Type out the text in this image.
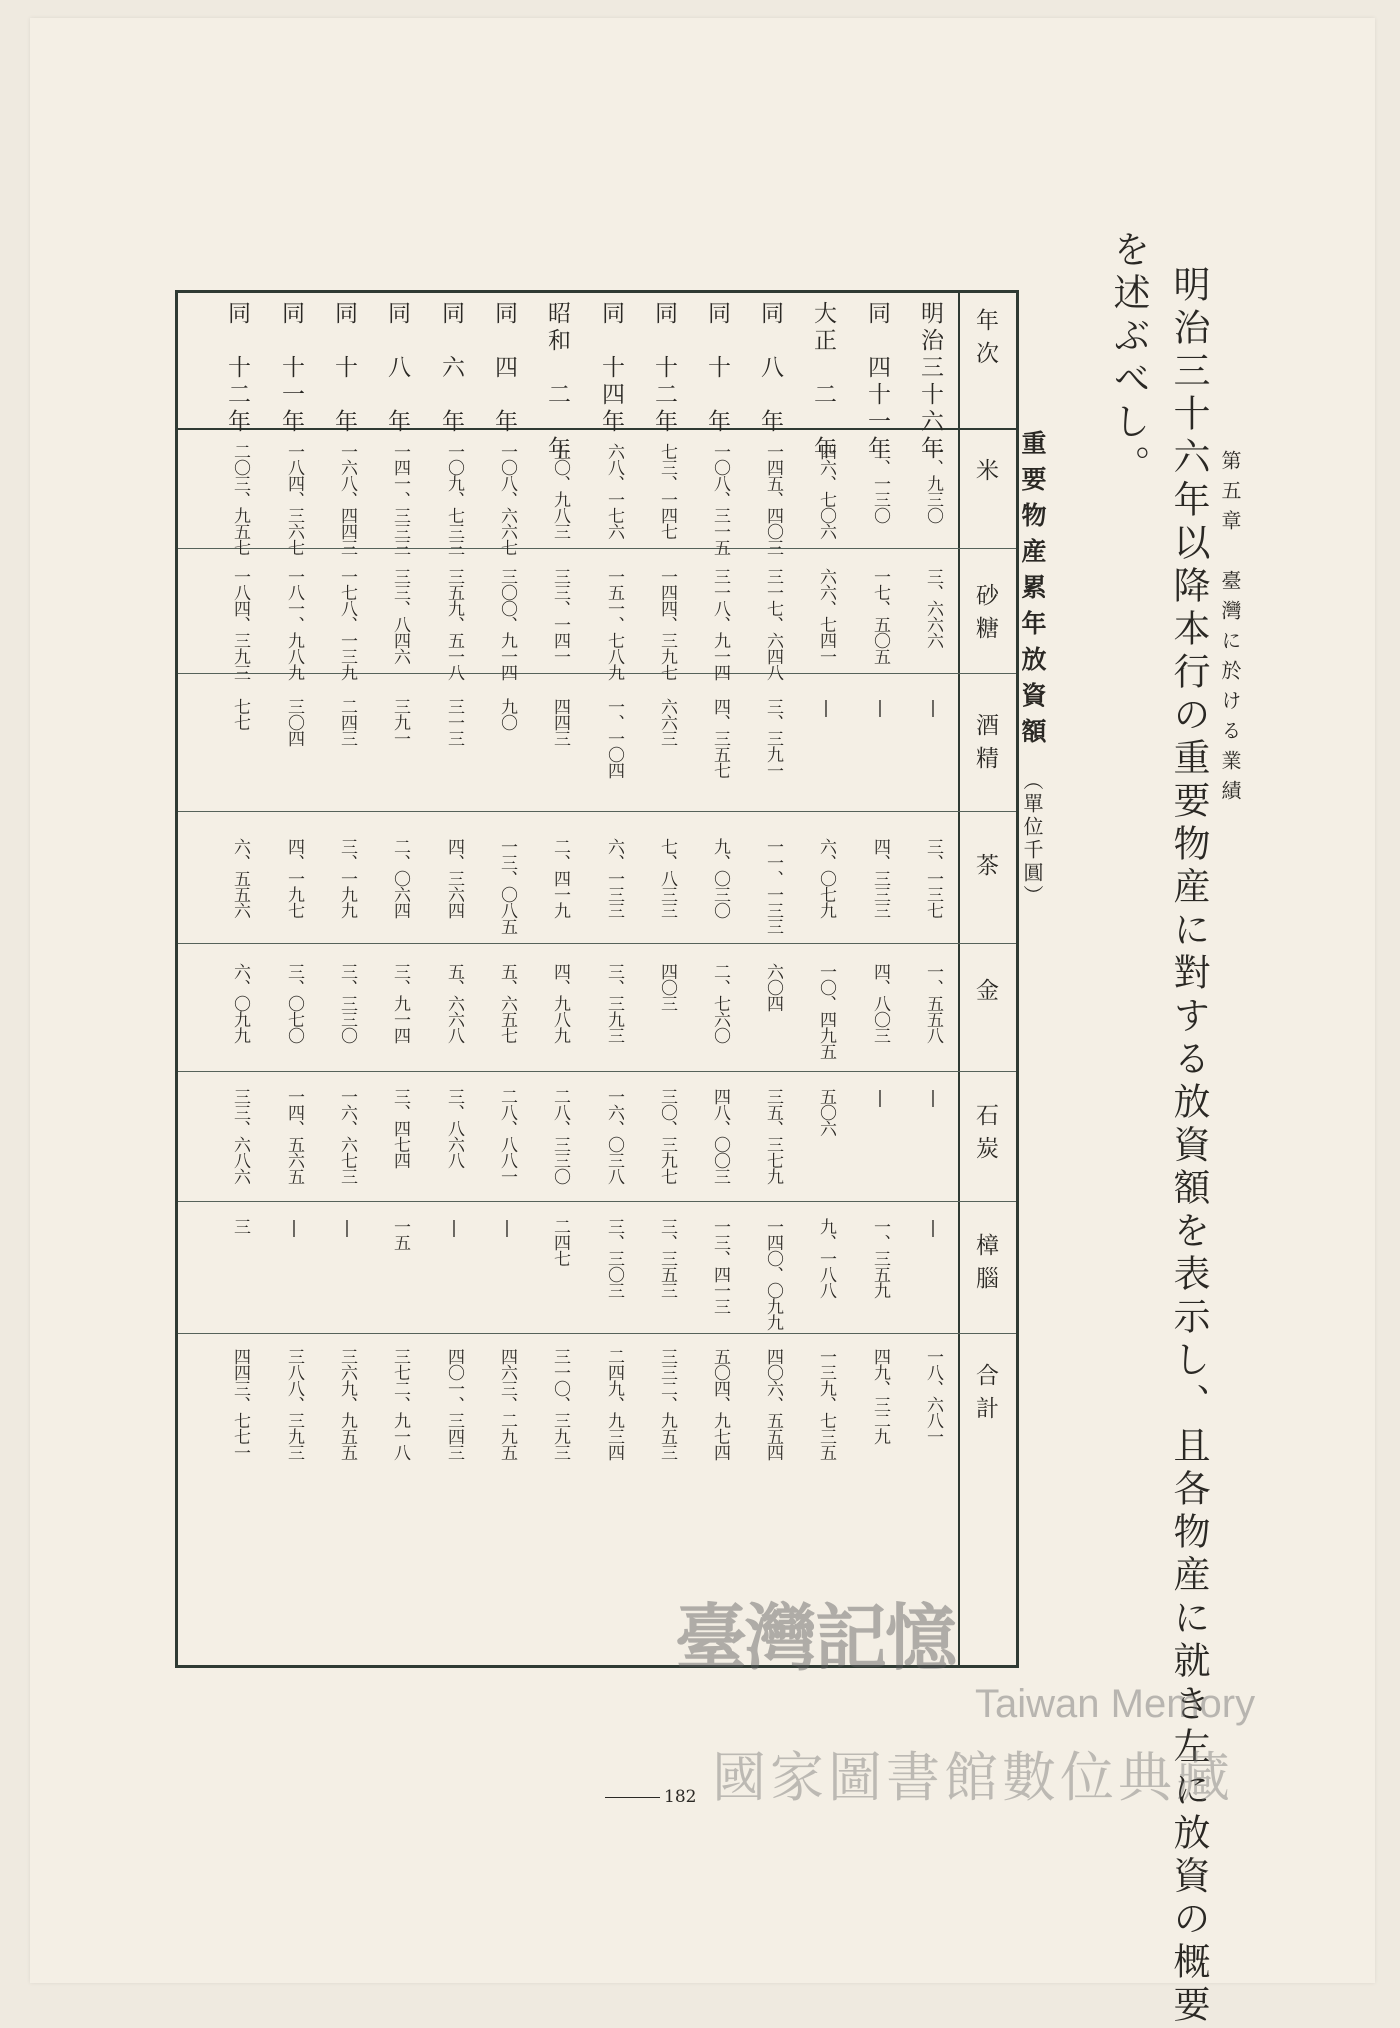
第五章　臺灣に於ける業績
明治三十六年以降本行の重要物産に對する放資額を表示し、且各物産に就き左に放資の概要
を述ぶべし。
重要物産累年放資額
（單位千圓）
年次
米
砂糖
酒精
茶
金
石炭
樟腦
合計
明治三十六年
一、九三〇
三、六六六
|
三、一三七
一、五五八
|
|
一八、六八一
同　四十一年
三、一三〇
一七、五〇五
|
四、三三三
四、八〇三
|
一、三五九
四九、三二九
大正　二　年
四六、七〇六
六六、七四一
|
六、〇七九
一〇、四九五
五〇六
九、一八八
一三九、七三五
同　八　年
一四五、四〇三
三一七、六四八
三、三九一
一一、一三三
六〇四
三五、三七九
一四〇、〇九九
四〇六、五五四
同　十　年
一〇八、三一五
三一八、九一四
四、三五七
九、〇三〇
二、七六〇
四八、〇〇三
一三、四一三
五〇四、九七四
同　十二年
七三、一四七
一四四、三九七
六六三
七、八三三
四〇三
三〇、三九七
三、三五三
三三二、九五三
同　十四年
六八、一七六
一五一、七八九
一、一〇四
六、一三三
三、三九三
一六、〇三八
三、三〇三
二四九、九三四
昭和　二　年
五〇、九八三
三三、一四一
四四三
二、四一九
四、九八九
二八、三三〇
二四七
三一〇、三九三
同　四　年
一〇八、六六七
三〇〇、九一四
九〇
一三、〇八五
五、六五七
二八、八八一
|
四六三、二九五
同　六　年
一〇九、七三三
三五九、五一八
三一三
四、三六四
五、六六八
三、八六八
|
四〇一、三四三
同　八　年
一四一、三三三
三三、八四六
三九一
二、〇六四
三、九一四
三、四七四
一五
三七二、九一八
同　十　年
一六八、四四三
一七八、一三九
二四三
三、一九九
三、三三〇
一六、六七三
|
三六九、九五五
同　十一年
一八四、三六七
一八一、九八九
三〇四
四、一九七
三、〇七〇
一四、五六五
|
三八八、三九三
同　十二年
二〇三、九五七
一八四、三九三
七七
六、五五六
六、〇九九
三三、六八六
三
四四三、七七一
臺灣記憶
Taiwan Memory
國家圖書館數位典藏
182
